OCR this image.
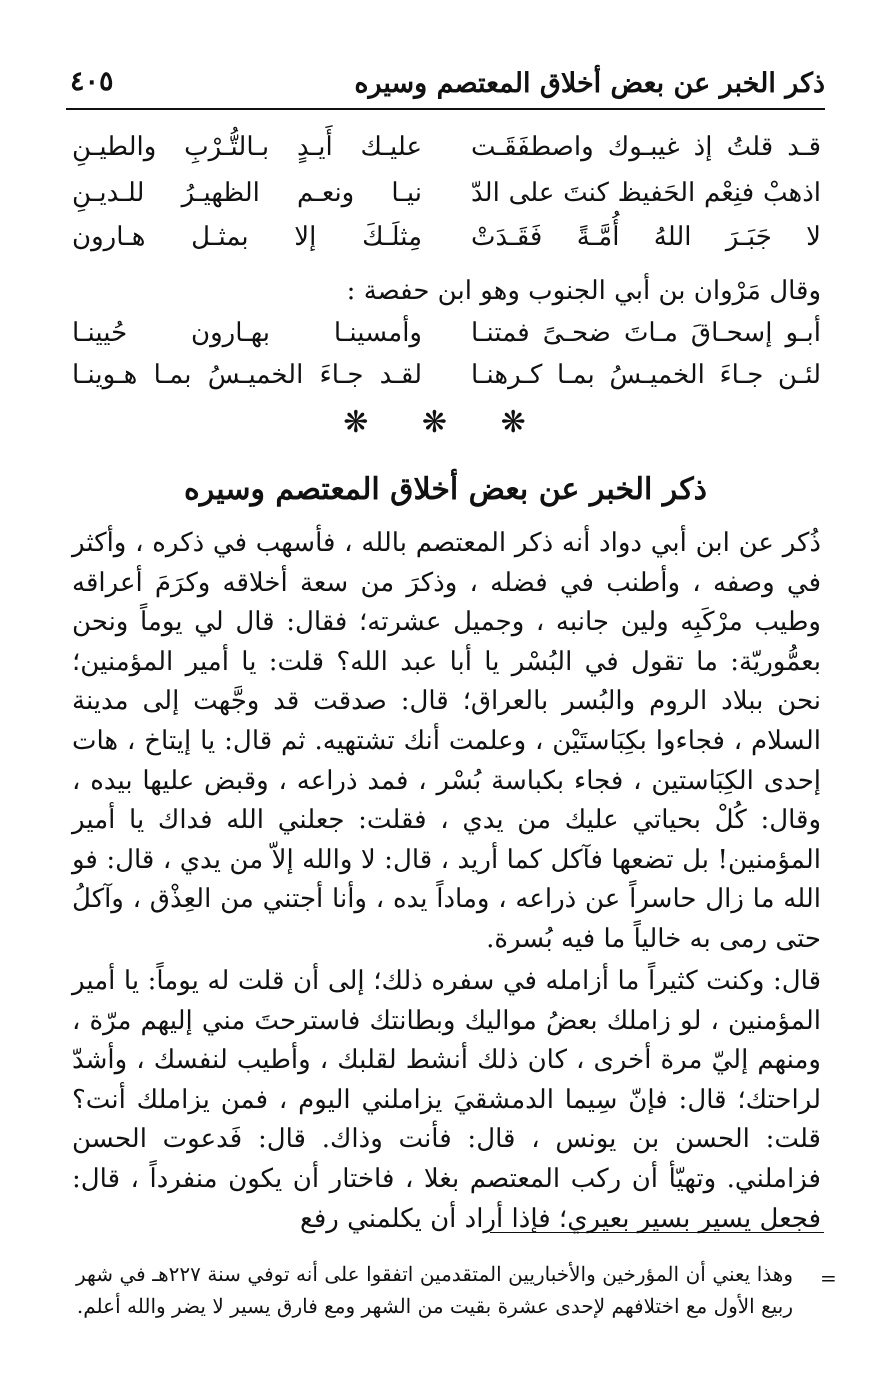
ذكر الخبر عن بعض أخلاق المعتصم وسيره
٤٠٥
قـد قلتُ إذ غيبـوك واصطفَقَـت
عليـك أَيـدٍ بـالتُّـرْبِ والطيـنِ
اذهبْ فنِعْم الحَفيظ كنتَ على الدّ
نيـا ونعـم الظهيـرُ للـديـنِ
لا جَبَـرَ اللهُ أُمَّـةً فَقَـدَتْ
مِثلَـكَ إلا بمثـل هـارون
وقال مَرْوان بن أبي الجنوب وهو ابن حفصة :
أبـو إسحـاقَ مـاتَ ضحـىً فمتنـا
وأمسينـا بهـارون حُيينـا
لئـن جـاءَ الخميـسُ بمـا كـرهنـا
لقـد جـاءَ الخميـسُ بمـا هـوينـا
❋ ❋ ❋
ذكر الخبر عن بعض أخلاق المعتصم وسيره

ذُكر عن ابن أبي دواد أنه ذكر المعتصم بالله ، فأسهب في ذكره ، وأكثر في وصفه ، وأطنب في فضله ، وذكرَ من سعة أخلاقه وكرَمَ أعراقه وطيب مرْكَبِه ولين جانبه ، وجميل عشرته؛ فقال: قال لي يوماً ونحن بعمُّوريّة: ما تقول في البُسْر يا أبا عبد الله؟ قلت: يا أمير المؤمنين؛ نحن ببلاد الروم والبُسر بالعراق؛ قال: صدقت قد وجَّهت إلى مدينة السلام ، فجاءوا بكِبَاستَيْن ، وعلمت أنك تشتهيه. ثم قال: يا إيتاخ ، هات إحدى الكِبَاستين ، فجاء بكباسة بُسْر ، فمد ذراعه ، وقبض عليها بيده ، وقال: كُلْ بحياتي عليك من يدي ، فقلت: جعلني الله فداك يا أمير المؤمنين! بل تضعها فآكل كما أريد ، قال: لا والله إلاّ من يدي ، قال: فو الله ما زال حاسراً عن ذراعه ، وماداً يده ، وأنا أجتني من العِذْق ، وآكلُ حتى رمى به خالياً ما فيه بُسرة.

قال: وكنت كثيراً ما أزامله في سفره ذلك؛ إلى أن قلت له يوماً: يا أمير المؤمنين ، لو زاملك بعضُ مواليك وبطانتك فاسترحتَ مني إليهم مرّة ، ومنهم إليّ مرة أخرى ، كان ذلك أنشط لقلبك ، وأطيب لنفسك ، وأشدّ لراحتك؛ قال: فإنّ سِيما الدمشقيَ يزاملني اليوم ، فمن يزاملك أنت؟ قلت: الحسن بن يونس ، قال: فأنت وذاك. قال: فَدعوت الحسن فزاملني. وتهيّأ أن ركب المعتصم بغلا ، فاختار أن يكون منفرداً ، قال: فجعل يسير بسير بعيري؛ فإذا أراد أن يكلمني رفع

=

وهذا يعني أن المؤرخين والأخباريين المتقدمين اتفقوا على أنه توفي سنة ٢٢٧هـ في شهر ربيع الأول مع اختلافهم لإحدى عشرة بقيت من الشهر ومع فارق يسير لا يضر والله أعلم.
